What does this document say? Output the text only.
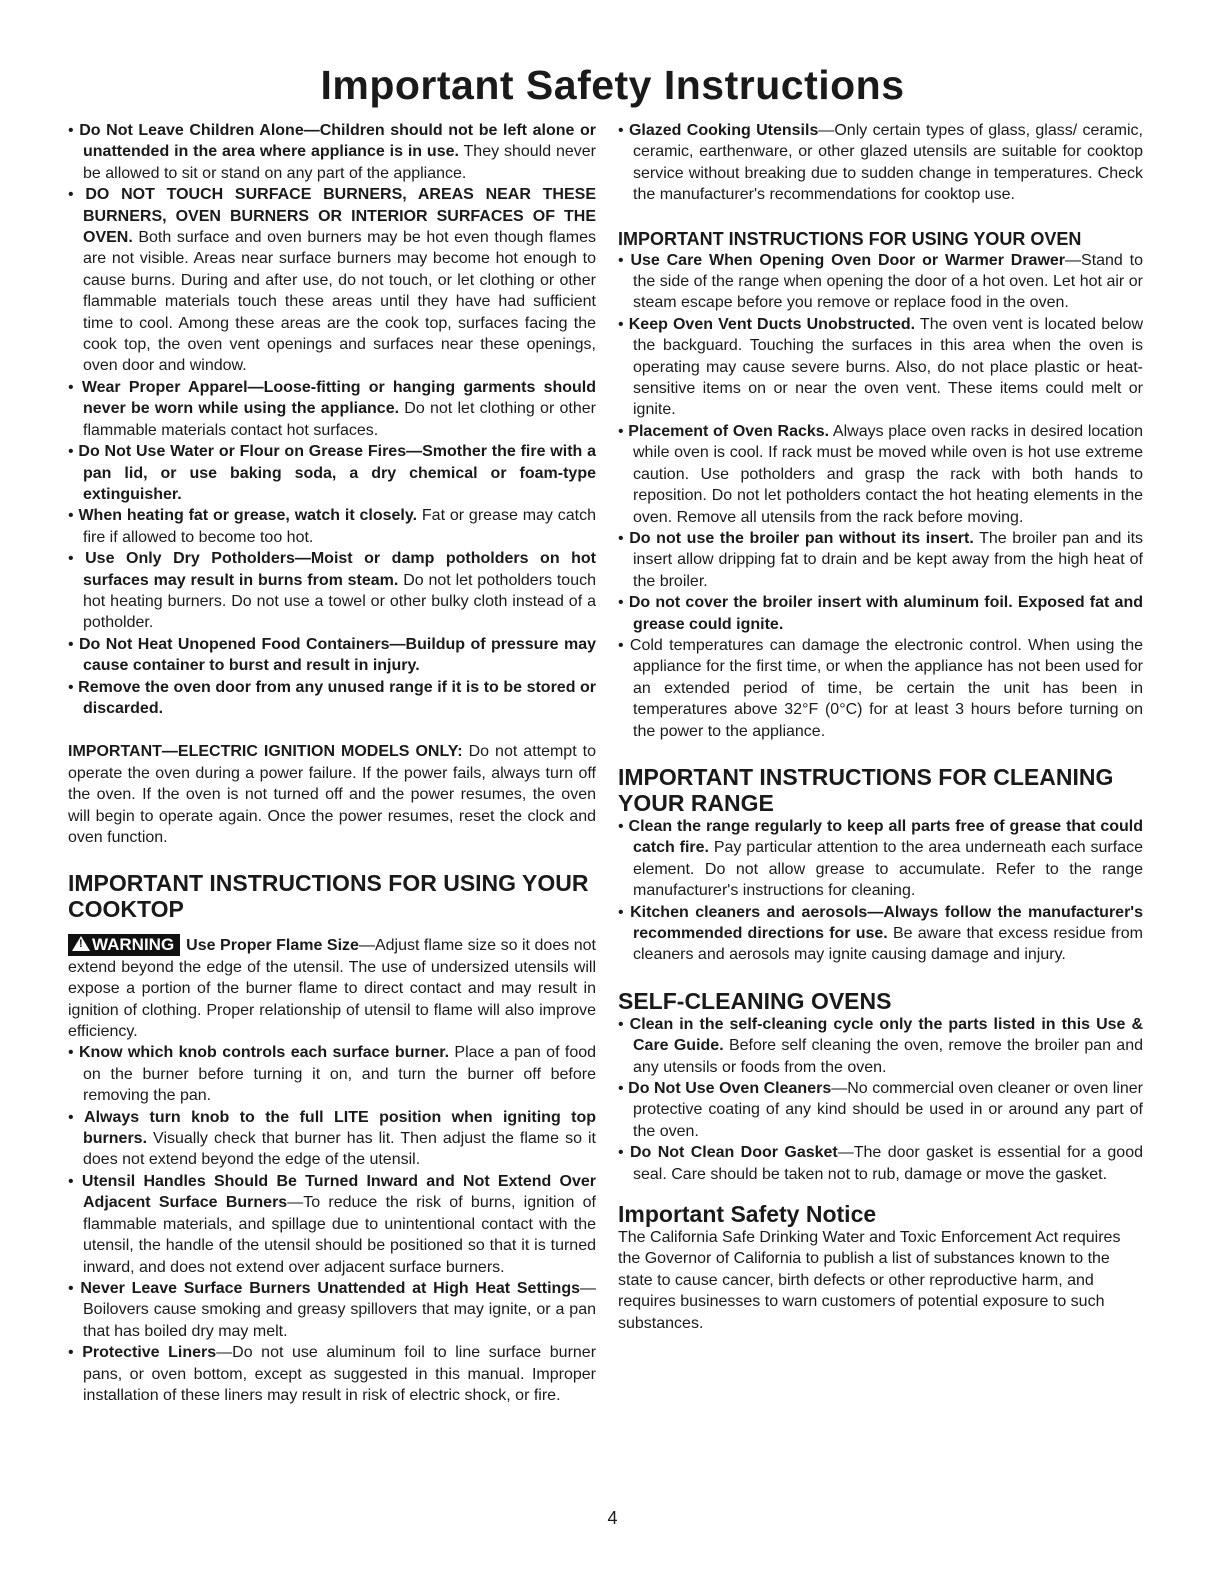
Important Safety Instructions

• Do Not Leave Children Alone—Children should not be left alone or unattended in the area where appliance is in use. They should never be allowed to sit or stand on any part of the appliance.

• DO NOT TOUCH SURFACE BURNERS, AREAS NEAR THESE BURNERS, OVEN BURNERS OR INTERIOR SURFACES OF THE OVEN. Both surface and oven burners may be hot even though flames are not visible. Areas near surface burners may become hot enough to cause burns. During and after use, do not touch, or let clothing or other flammable materials touch these areas until they have had sufficient time to cool. Among these areas are the cook top, surfaces facing the cook top, the oven vent openings and surfaces near these openings, oven door and window.

• Wear Proper Apparel—Loose-fitting or hanging garments should never be worn while using the appliance. Do not let clothing or other flammable materials contact hot surfaces.

• Do Not Use Water or Flour on Grease Fires—Smother the fire with a pan lid, or use baking soda, a dry chemical or foam-type extinguisher.

• When heating fat or grease, watch it closely. Fat or grease may catch fire if allowed to become too hot.

• Use Only Dry Potholders—Moist or damp potholders on hot surfaces may result in burns from steam. Do not let potholders touch hot heating burners. Do not use a towel or other bulky cloth instead of a potholder.

• Do Not Heat Unopened Food Containers—Buildup of pressure may cause container to burst and result in injury.

• Remove the oven door from any unused range if it is to be stored or discarded.

IMPORTANT—ELECTRIC IGNITION MODELS ONLY: Do not attempt to operate the oven during a power failure. If the power fails, always turn off the oven. If the oven is not turned off and the power resumes, the oven will begin to operate again. Once the power resumes, reset the clock and oven function.

IMPORTANT INSTRUCTIONS FOR USING YOUR COOKTOP

! WARNING Use Proper Flame Size—Adjust flame size so it does not extend beyond the edge of the utensil. The use of undersized utensils will expose a portion of the burner flame to direct contact and may result in ignition of clothing. Proper relationship of utensil to flame will also improve efficiency.

• Know which knob controls each surface burner. Place a pan of food on the burner before turning it on, and turn the burner off before removing the pan.

• Always turn knob to the full LITE position when igniting top burners. Visually check that burner has lit. Then adjust the flame so it does not extend beyond the edge of the utensil.

• Utensil Handles Should Be Turned Inward and Not Extend Over Adjacent Surface Burners—To reduce the risk of burns, ignition of flammable materials, and spillage due to unintentional contact with the utensil, the handle of the utensil should be positioned so that it is turned inward, and does not extend over adjacent surface burners.

• Never Leave Surface Burners Unattended at High Heat Settings—Boilovers cause smoking and greasy spillovers that may ignite, or a pan that has boiled dry may melt.

• Protective Liners—Do not use aluminum foil to line surface burner pans, or oven bottom, except as suggested in this manual. Improper installation of these liners may result in risk of electric shock, or fire.

• Glazed Cooking Utensils—Only certain types of glass, glass/ ceramic, ceramic, earthenware, or other glazed utensils are suitable for cooktop service without breaking due to sudden change in temperatures. Check the manufacturer's recommendations for cooktop use.

IMPORTANT INSTRUCTIONS FOR USING YOUR OVEN

• Use Care When Opening Oven Door or Warmer Drawer—Stand to the side of the range when opening the door of a hot oven. Let hot air or steam escape before you remove or replace food in the oven.

• Keep Oven Vent Ducts Unobstructed. The oven vent is located below the backguard. Touching the surfaces in this area when the oven is operating may cause severe burns. Also, do not place plastic or heat-sensitive items on or near the oven vent. These items could melt or ignite.

• Placement of Oven Racks. Always place oven racks in desired location while oven is cool. If rack must be moved while oven is hot use extreme caution. Use potholders and grasp the rack with both hands to reposition. Do not let potholders contact the hot heating elements in the oven. Remove all utensils from the rack before moving.

• Do not use the broiler pan without its insert. The broiler pan and its insert allow dripping fat to drain and be kept away from the high heat of the broiler.

• Do not cover the broiler insert with aluminum foil. Exposed fat and grease could ignite.

• Cold temperatures can damage the electronic control. When using the appliance for the first time, or when the appliance has not been used for an extended period of time, be certain the unit has been in temperatures above 32°F (0°C) for at least 3 hours before turning on the power to the appliance.

IMPORTANT INSTRUCTIONS FOR CLEANING YOUR RANGE

• Clean the range regularly to keep all parts free of grease that could catch fire. Pay particular attention to the area underneath each surface element. Do not allow grease to accumulate. Refer to the range manufacturer's instructions for cleaning.

• Kitchen cleaners and aerosols—Always follow the manufacturer's recommended directions for use. Be aware that excess residue from cleaners and aerosols may ignite causing damage and injury.

SELF-CLEANING OVENS

• Clean in the self-cleaning cycle only the parts listed in this Use & Care Guide. Before self cleaning the oven, remove the broiler pan and any utensils or foods from the oven.

• Do Not Use Oven Cleaners—No commercial oven cleaner or oven liner protective coating of any kind should be used in or around any part of the oven.

• Do Not Clean Door Gasket—The door gasket is essential for a good seal. Care should be taken not to rub, damage or move the gasket.

Important Safety Notice

The California Safe Drinking Water and Toxic Enforcement Act requires the Governor of California to publish a list of substances known to the state to cause cancer, birth defects or other reproductive harm, and requires businesses to warn customers of potential exposure to such substances.

4
